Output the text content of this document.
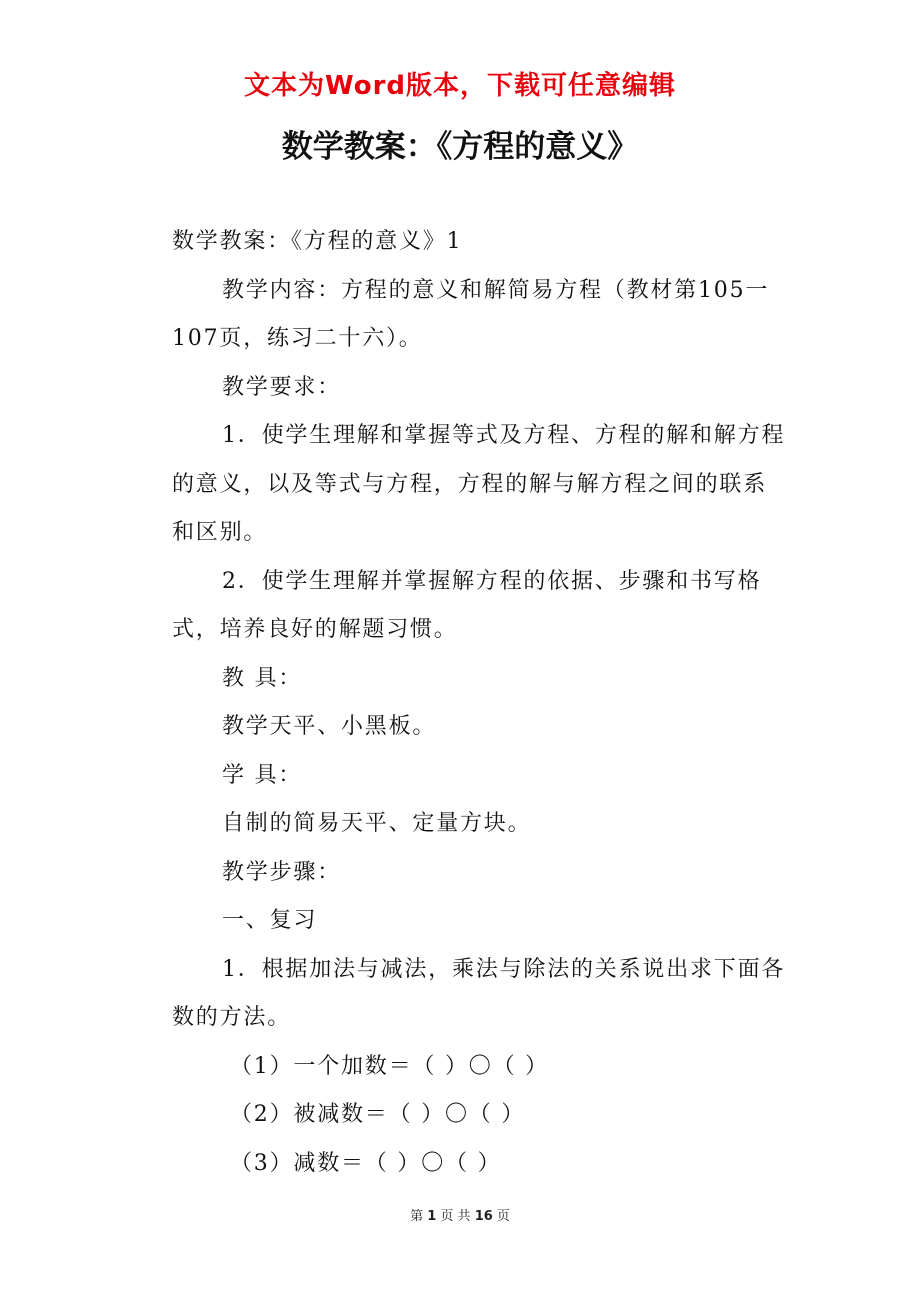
文本为Word版本，下载可任意编辑
数学教案：《方程的意义》

数学教案：《方程的意义》1

教学内容：方程的意义和解简易方程（教材第105一107页，练习二十六）。

教学要求：

1．使学生理解和掌握等式及方程、方程的解和解方程的意义，以及等式与方程，方程的解与解方程之间的联系和区别。

2．使学生理解并掌握解方程的依据、步骤和书写格式，培养良好的解题习惯。

教 具：

教学天平、小黑板。

学 具：

自制的简易天平、定量方块。

教学步骤：

一、复习

1．根据加法与减法，乘法与除法的关系说出求下面各数的方法。

（1）一个加数＝（ ）〇（ ）

（2）被减数＝（ ）〇（ ）

（3）减数＝（ ）〇（ ）

第 1 页 共 16 页
